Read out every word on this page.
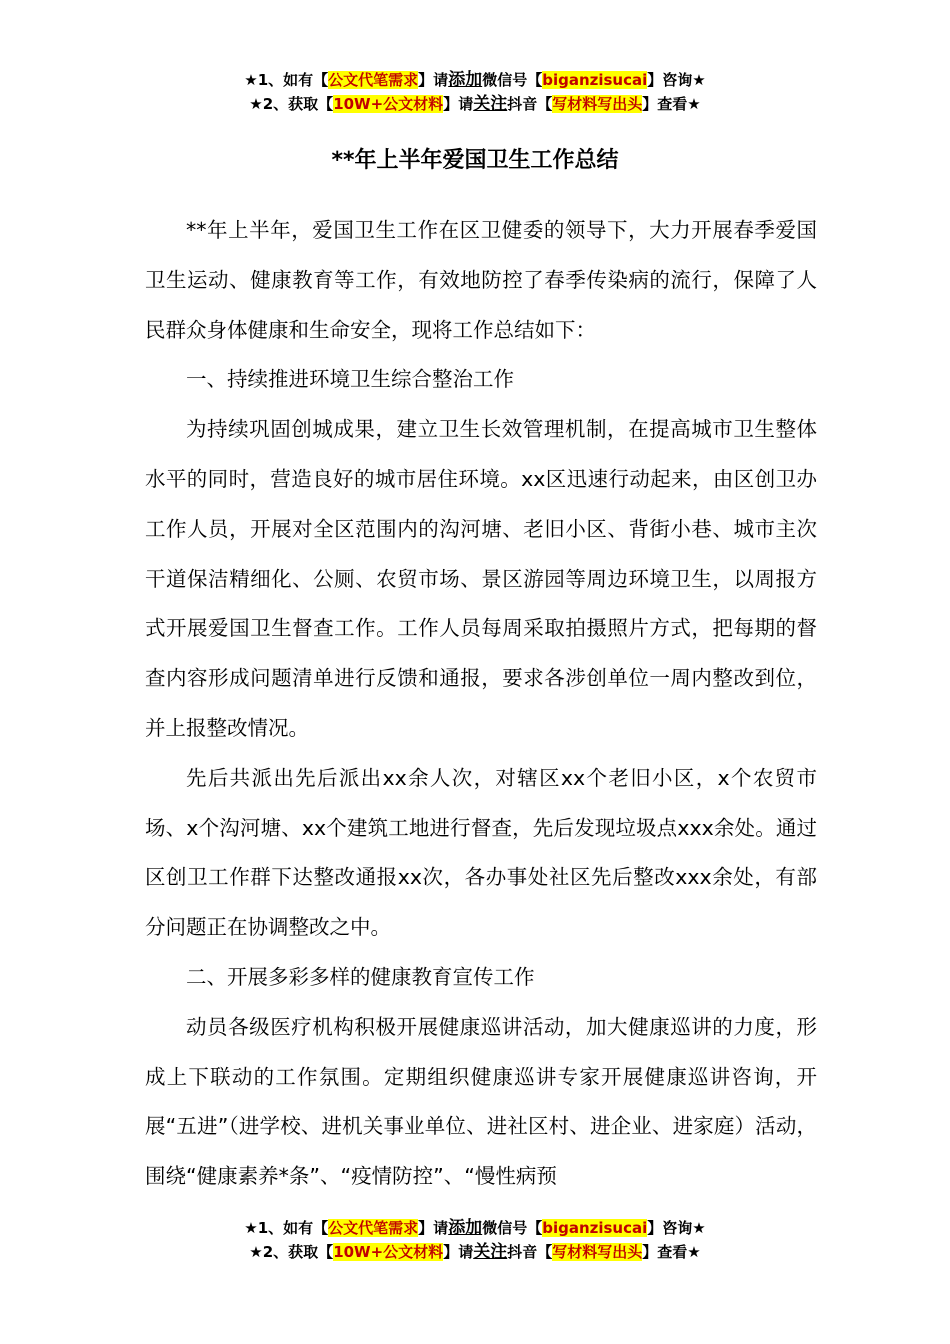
★1、如有【公文代笔需求】请添加微信号【biganzisucai】咨询★
★2、获取【10W+公文材料】请关注抖音【写材料写出头】查看★
**年上半年爱国卫生工作总结

**年上半年，爱国卫生工作在区卫健委的领导下，大力开展春季爱国卫生运动、健康教育等工作，有效地防控了春季传染病的流行，保障了人民群众身体健康和生命安全，现将工作总结如下：

一、持续推进环境卫生综合整治工作

为持续巩固创城成果，建立卫生长效管理机制，在提高城市卫生整体水平的同时，营造良好的城市居住环境。xx区迅速行动起来，由区创卫办工作人员，开展对全区范围内的沟河塘、老旧小区、背街小巷、城市主次干道保洁精细化、公厕、农贸市场、景区游园等周边环境卫生，以周报方式开展爱国卫生督查工作。工作人员每周采取拍摄照片方式，把每期的督查内容形成问题清单进行反馈和通报，要求各涉创单位一周内整改到位，并上报整改情况。

先后共派出先后派出xx余人次，对辖区xx个老旧小区，x个农贸市场、x个沟河塘、xx个建筑工地进行督查，先后发现垃圾点xxx余处。通过区创卫工作群下达整改通报xx次，各办事处社区先后整改xxx余处，有部分问题正在协调整改之中。

二、开展多彩多样的健康教育宣传工作

动员各级医疗机构积极开展健康巡讲活动，加大健康巡讲的力度，形成上下联动的工作氛围。定期组织健康巡讲专家开展健康巡讲咨询，开展“五进”（进学校、进机关事业单位、进社区村、进企业、进家庭）活动，围绕“健康素养*条”、“疫情防控”、“慢性病预

★1、如有【公文代笔需求】请添加微信号【biganzisucai】咨询★
★2、获取【10W+公文材料】请关注抖音【写材料写出头】查看★
